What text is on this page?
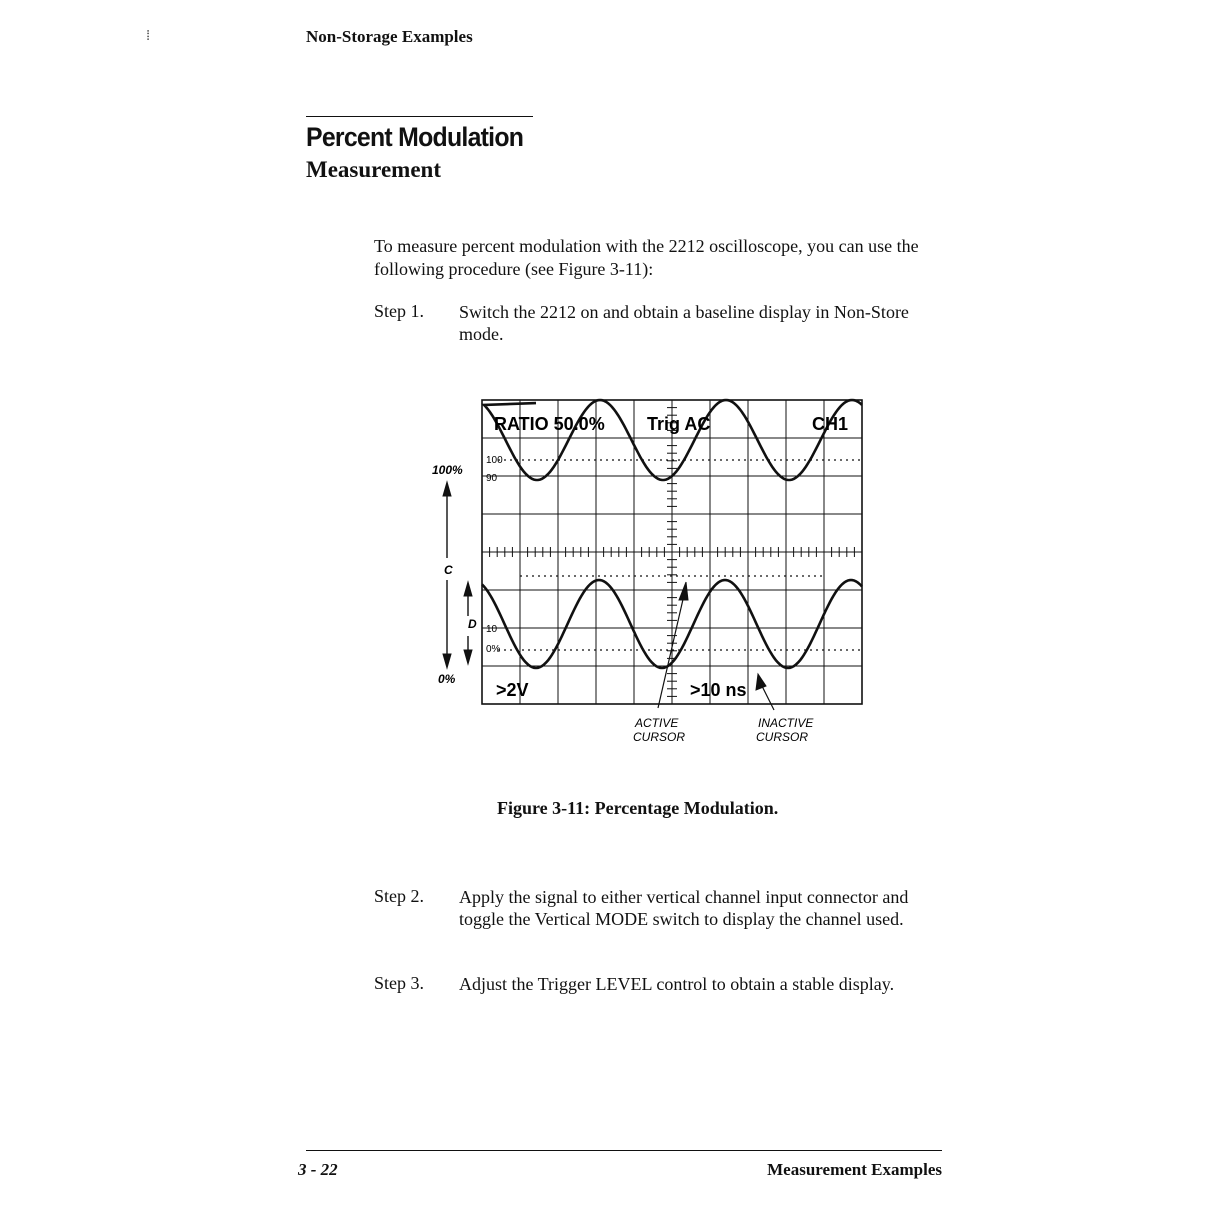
⁞	Non-Storage Examples
Percent Modulation
Measurement
To measure percent modulation with the 2212 oscilloscope, you can use the following procedure (see Figure 3-11):
Step 1. Switch the 2212 on and obtain a baseline display in Non-Store mode.
RATIO 50.0% Trig AC	CH1
>2V	>10 ns
100
90
10
0%
100%
0%
C
D
ACTIVE
CURSOR
INACTIVE
CURSOR
Figure 3-11: Percentage Modulation.
Step 2. Apply the signal to either vertical channel input connector and toggle the Vertical MODE switch to display the channel used.
Step 3. Adjust the Trigger LEVEL control to obtain a stable display.
3 - 22	Measurement Examples
